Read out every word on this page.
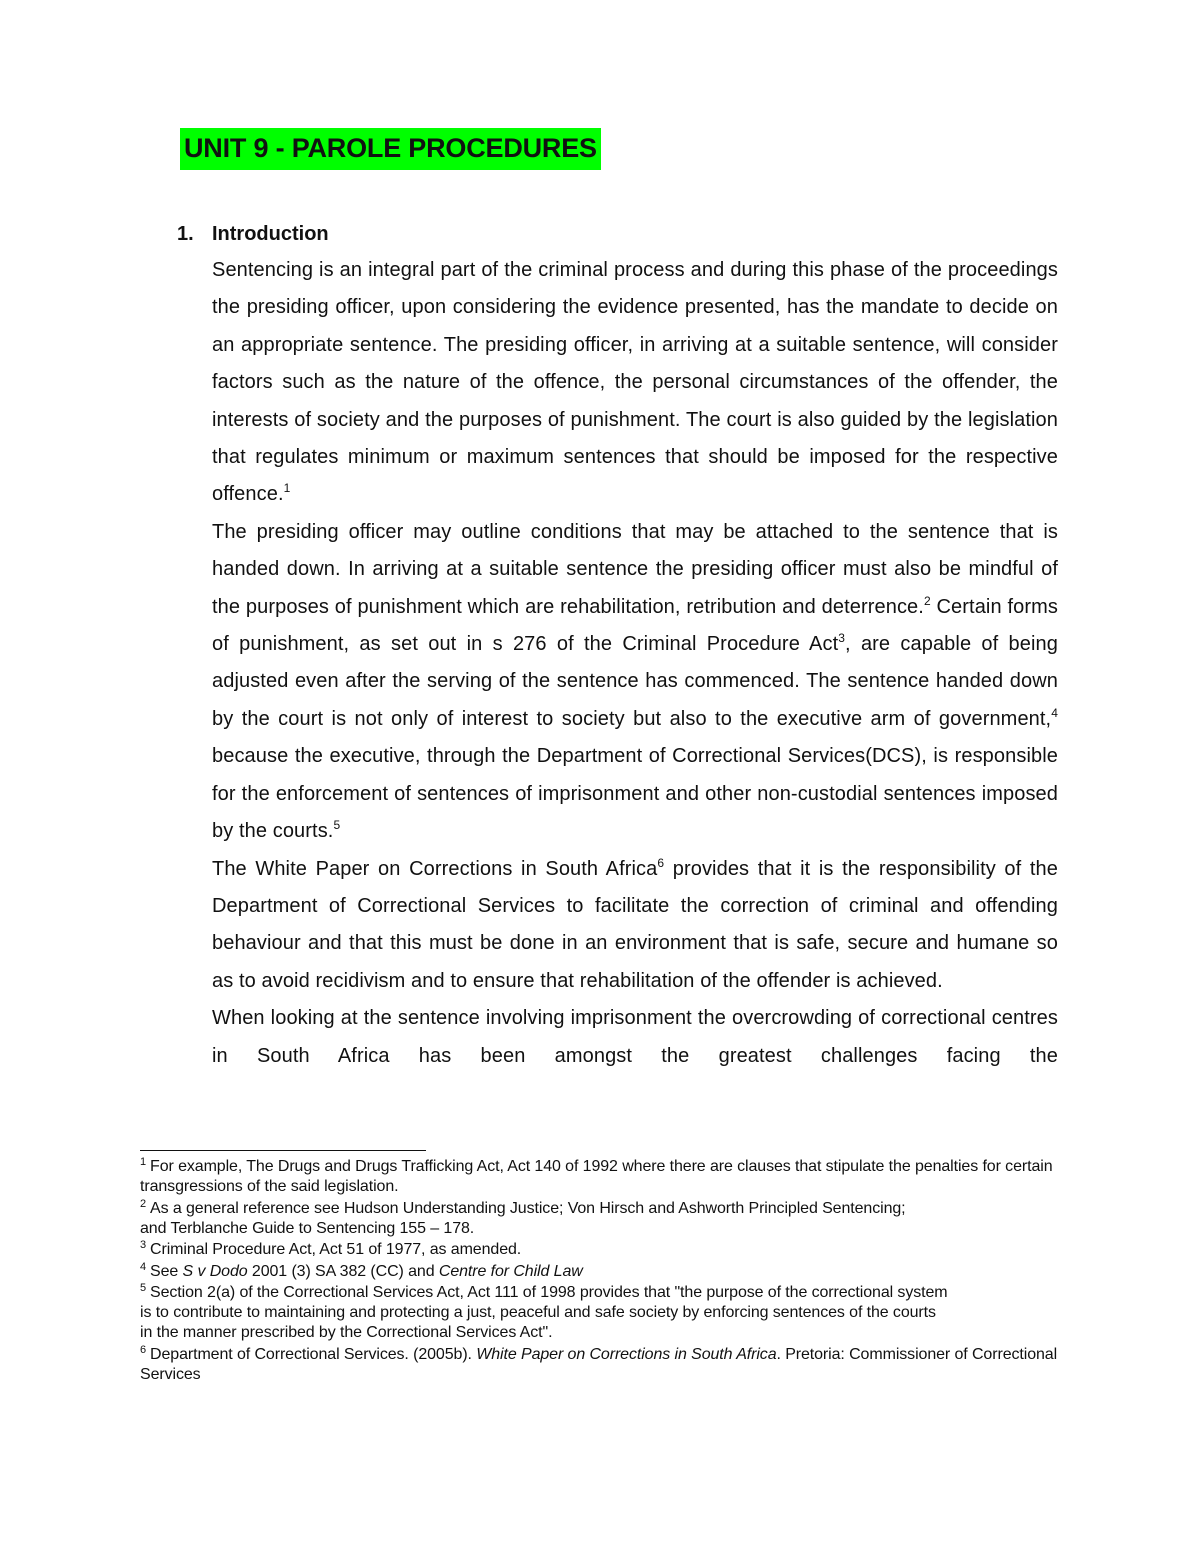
UNIT 9 - PAROLE PROCEDURES
1. Introduction

Sentencing is an integral part of the criminal process and during this phase of the proceedings the presiding officer, upon considering the evidence presented, has the mandate to decide on an appropriate sentence. The presiding officer, in arriving at a suitable sentence, will consider factors such as the nature of the offence, the personal circumstances of the offender, the interests of society and the purposes of punishment. The court is also guided by the legislation that regulates minimum or maximum sentences that should be imposed for the respective offence.$^1$

The presiding officer may outline conditions that may be attached to the sentence that is handed down. In arriving at a suitable sentence the presiding officer must also be mindful of the purposes of punishment which are rehabilitation, retribution and deterrence.$^2$ Certain forms of punishment, as set out in s 276 of the Criminal Procedure Act$^3$, are capable of being adjusted even after the serving of the sentence has commenced. The sentence handed down by the court is not only of interest to society but also to the executive arm of government,$^4$ because the executive, through the Department of Correctional Services(DCS), is responsible for the enforcement of sentences of imprisonment and other non-custodial sentences imposed by the courts.$^5$

The White Paper on Corrections in South Africa$^6$ provides that it is the responsibility of the Department of Correctional Services to facilitate the correction of criminal and offending behaviour and that this must be done in an environment that is safe, secure and humane so as to avoid recidivism and to ensure that rehabilitation of the offender is achieved.

When looking at the sentence involving imprisonment the overcrowding of correctional centres in South Africa has been amongst the greatest challenges facing the

$^1$ For example, The Drugs and Drugs Trafficking Act, Act 140 of 1992 where there are clauses that stipulate the penalties for certain transgressions of the said legislation.

$^2$ As a general reference see Hudson Understanding Justice; Von Hirsch and Ashworth Principled Sentencing;
and Terblanche Guide to Sentencing 155 – 178.

$^3$ Criminal Procedure Act, Act 51 of 1977, as amended.

$^4$ See S v Dodo 2001 (3) SA 382 (CC) and Centre for Child Law

$^5$ Section 2(a) of the Correctional Services Act, Act 111 of 1998 provides that "the purpose of the correctional system
is to contribute to maintaining and protecting a just, peaceful and safe society by enforcing sentences of the courts
in the manner prescribed by the Correctional Services Act".

$^6$ Department of Correctional Services. (2005b). White Paper on Corrections in South Africa. Pretoria: Commissioner of Correctional Services
